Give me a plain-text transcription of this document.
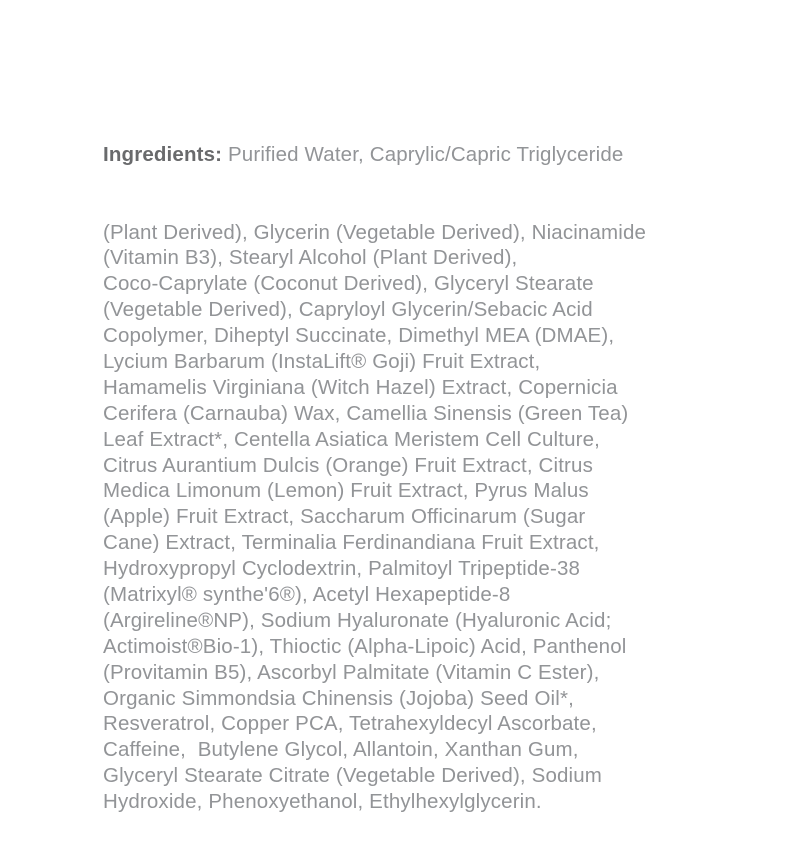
Ingredients: Purified Water, Caprylic/Capric Triglyceride

(Plant Derived), Glycerin (Vegetable Derived), Niacinamide
(Vitamin B3), Stearyl Alcohol (Plant Derived),
Coco-Caprylate (Coconut Derived), Glyceryl Stearate
(Vegetable Derived), Capryloyl Glycerin/Sebacic Acid
Copolymer, Diheptyl Succinate, Dimethyl MEA (DMAE),
Lycium Barbarum (InstaLift® Goji) Fruit Extract,
Hamamelis Virginiana (Witch Hazel) Extract, Copernicia
Cerifera (Carnauba) Wax, Camellia Sinensis (Green Tea)
Leaf Extract*, Centella Asiatica Meristem Cell Culture,
Citrus Aurantium Dulcis (Orange) Fruit Extract, Citrus
Medica Limonum (Lemon) Fruit Extract, Pyrus Malus
(Apple) Fruit Extract, Saccharum Officinarum (Sugar
Cane) Extract, Terminalia Ferdinandiana Fruit Extract,
Hydroxypropyl Cyclodextrin, Palmitoyl Tripeptide-38
(Matrixyl® synthe'6®), Acetyl Hexapeptide-8
(Argireline®NP), Sodium Hyaluronate (Hyaluronic Acid;
Actimoist®Bio-1), Thioctic (Alpha-Lipoic) Acid, Panthenol
(Provitamin B5), Ascorbyl Palmitate (Vitamin C Ester),
Organic Simmondsia Chinensis (Jojoba) Seed Oil*,
Resveratrol, Copper PCA, Tetrahexyldecyl Ascorbate,
Caffeine,  Butylene Glycol, Allantoin, Xanthan Gum,
Glyceryl Stearate Citrate (Vegetable Derived), Sodium
Hydroxide, Phenoxyethanol, Ethylhexylglycerin.
